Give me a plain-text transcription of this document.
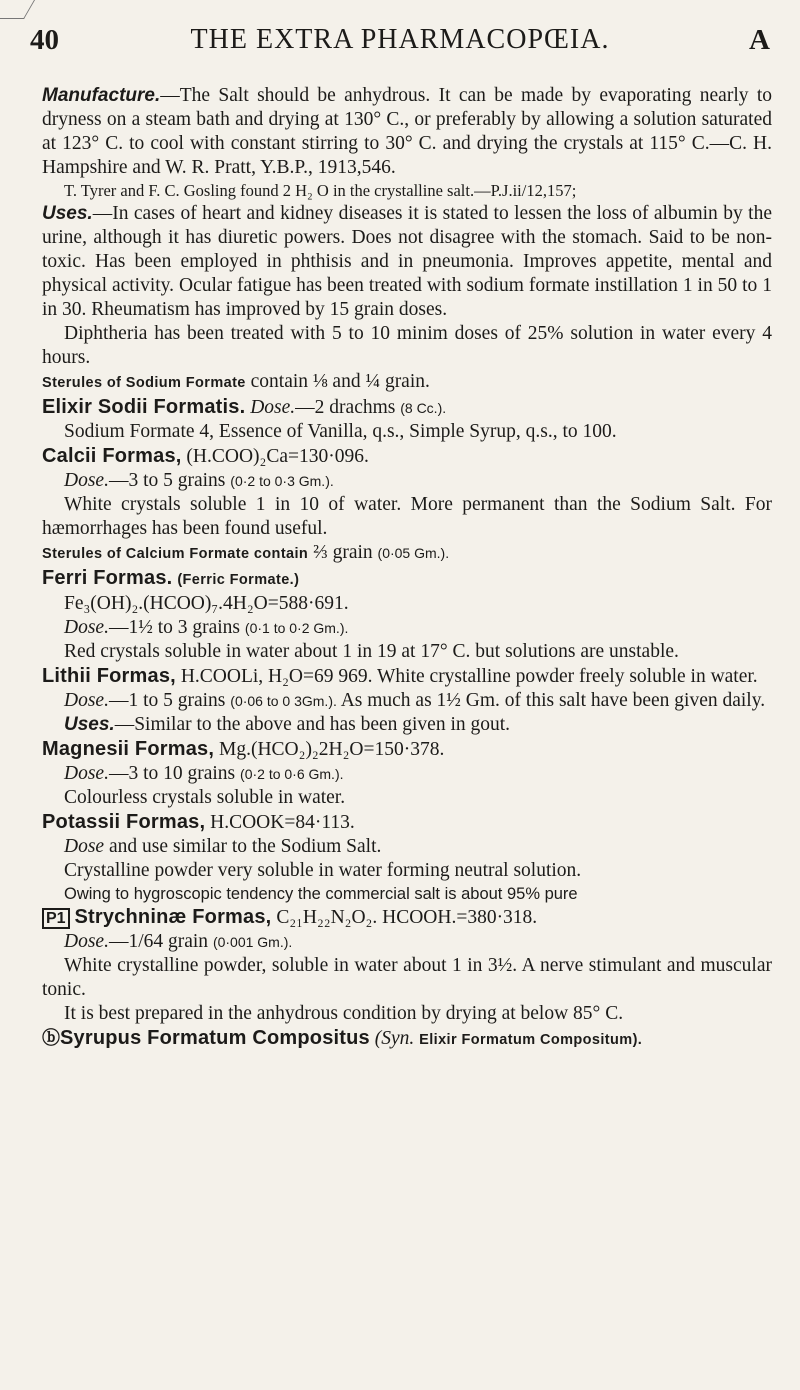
40	THE EXTRA PHARMACOPŒIA.	A

Manufacture.—The Salt should be anhydrous. It can be made by evaporating nearly to dryness on a steam bath and drying at 130° C., or preferably by allowing a solution saturated at 123° C. to cool with constant stirring to 30° C. and drying the crystals at 115° C.—C. H. Hampshire and W. R. Pratt, Y.B.P., 1913,546.

T. Tyrer and F. C. Gosling found 2 H₂ O in the crystalline salt.—P.J.ii/12,157;

Uses.—In cases of heart and kidney diseases it is stated to lessen the loss of albumin by the urine, although it has diuretic powers. Does not disagree with the stomach. Said to be non-toxic. Has been employed in phthisis and in pneumonia. Improves appetite, mental and physical activity. Ocular fatigue has been treated with sodium formate instillation 1 in 50 to 1 in 30. Rheumatism has improved by 15 grain doses.

Diphtheria has been treated with 5 to 10 minim doses of 25% solution in water every 4 hours.

Sterules of Sodium Formate contain ⅛ and ¼ grain.

Elixir Sodii Formatis. Dose.—2 drachms (8 Cc.).

Sodium Formate 4, Essence of Vanilla, q.s., Simple Syrup, q.s., to 100.

Calcii Formas, (H.COO)₂Ca=130·096.

Dose.—3 to 5 grains (0·2 to 0·3 Gm.).

White crystals soluble 1 in 10 of water. More permanent than the Sodium Salt. For hæmorrhages has been found useful.

Sterules of Calcium Formate contain ⅔ grain (0·05 Gm.).

Ferri Formas. (Ferric Formate.)

Fe₃(OH)₂.(HCOO)₇.4H₂O=588·691.

Dose.—1½ to 3 grains (0·1 to 0·2 Gm.).

Red crystals soluble in water about 1 in 19 at 17° C. but solutions are unstable.

Lithii Formas, H.COOLi, H₂O=69 969. White crystalline powder freely soluble in water.

Dose.—1 to 5 grains (0·06 to 0 3Gm.). As much as 1½ Gm. of this salt have been given daily.

Uses.—Similar to the above and has been given in gout.

Magnesii Formas, Mg.(HCO₂)₂2H₂O=150·378.

Dose.—3 to 10 grains (0·2 to 0·6 Gm.).

Colourless crystals soluble in water.

Potassii Formas, H.COOK=84·113.

Dose and use similar to the Sodium Salt.

Crystalline powder very soluble in water forming neutral solution.

Owing to hygroscopic tendency the commercial salt is about 95% pure

P1 Strychninæ Formas, C₂₁H₂₂N₂O₂. HCOOH.=380·318.

Dose.—1/64 grain (0·001 Gm.).

White crystalline powder, soluble in water about 1 in 3½. A nerve stimulant and muscular tonic.

It is best prepared in the anhydrous condition by drying at below 85° C.

ⓑSyrupus Formatum Compositus (Syn. Elixir Formatum Compositum).
